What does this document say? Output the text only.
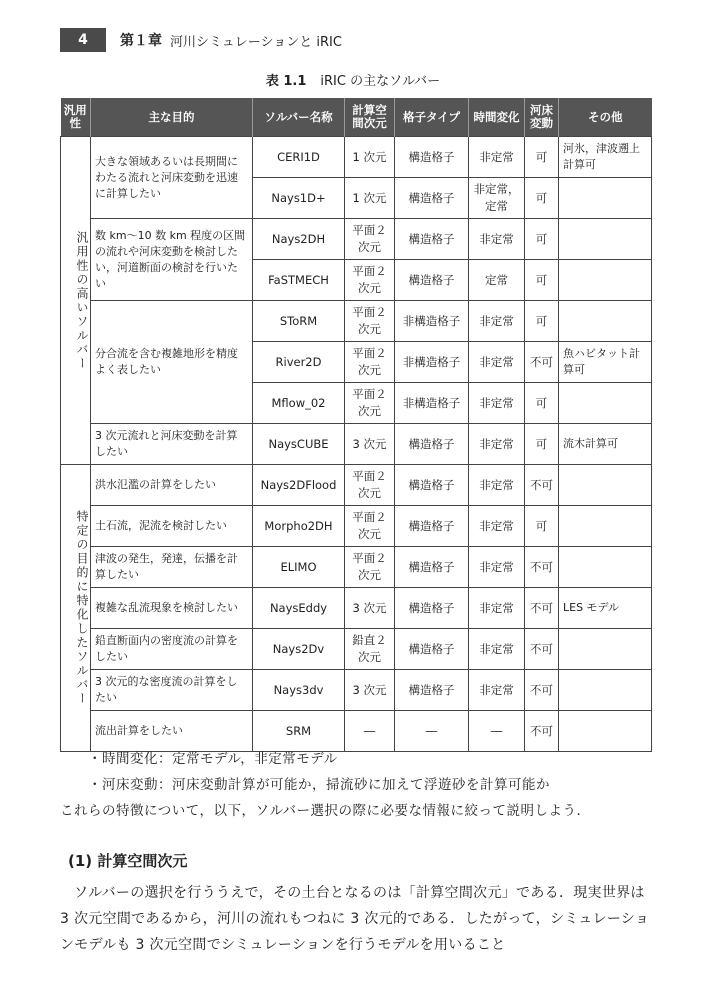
4	第１章 河川シミュレーションと iRIC
表 1.1 iRIC の主なソルバー
汎用性	主な目的	ソルバー名称	計算空間次元	格子タイプ	時間変化	河床変動	その他
汎用性の高いソルバー	大きな領域あるいは長期間にわたる流れと河床変動を迅速に計算したい	CERI1D	1 次元	構造格子	非定常	可	河氷，津波遡上計算可
		Nays1D+	1 次元	構造格子	非定常，定常	可	
	数 km～10 数 km 程度の区間の流れや河床変動を検討したい，河道断面の検討を行いたい	Nays2DH	平面２次元	構造格子	非定常	可	
		FaSTMECH	平面２次元	構造格子	定常	可	
	分合流を含む複雑地形を精度よく表したい	SToRM	平面２次元	非構造格子	非定常	可	
		River2D	平面２次元	非構造格子	非定常	不可	魚ハビタット計算可
		Mflow_02	平面２次元	非構造格子	非定常	可	
	3 次元流れと河床変動を計算したい	NaysCUBE	3 次元	構造格子	非定常	可	流木計算可
特定の目的に特化したソルバー	洪水氾濫の計算をしたい	Nays2DFlood	平面２次元	構造格子	非定常	不可	
	土石流，泥流を検討したい	Morpho2DH	平面２次元	構造格子	非定常	可	
	津波の発生，発達，伝播を計算したい	ELIMO	平面２次元	構造格子	非定常	不可	
	複雑な乱流現象を検討したい	NaysEddy	3 次元	構造格子	非定常	不可	LES モデル
	鉛直断面内の密度流の計算をしたい	Nays2Dv	鉛直２次元	構造格子	非定常	不可	
	3 次元的な密度流の計算をしたい	Nays3dv	3 次元	構造格子	非定常	不可	
	流出計算をしたい	SRM	―	―	―	不可	
・時間変化：定常モデル，非定常モデル
・河床変動：河床変動計算が可能か，掃流砂に加えて浮遊砂を計算可能か
これらの特徴について，以下，ソルバー選択の際に必要な情報に絞って説明しよう．
(1) 計算空間次元
ソルバーの選択を行ううえで，その土台となるのは「計算空間次元」である．現実世界は 3 次元空間であるから，河川の流れもつねに 3 次元的である．したがって，シミュレーションモデルも 3 次元空間でシミュレーションを行うモデルを用いること
